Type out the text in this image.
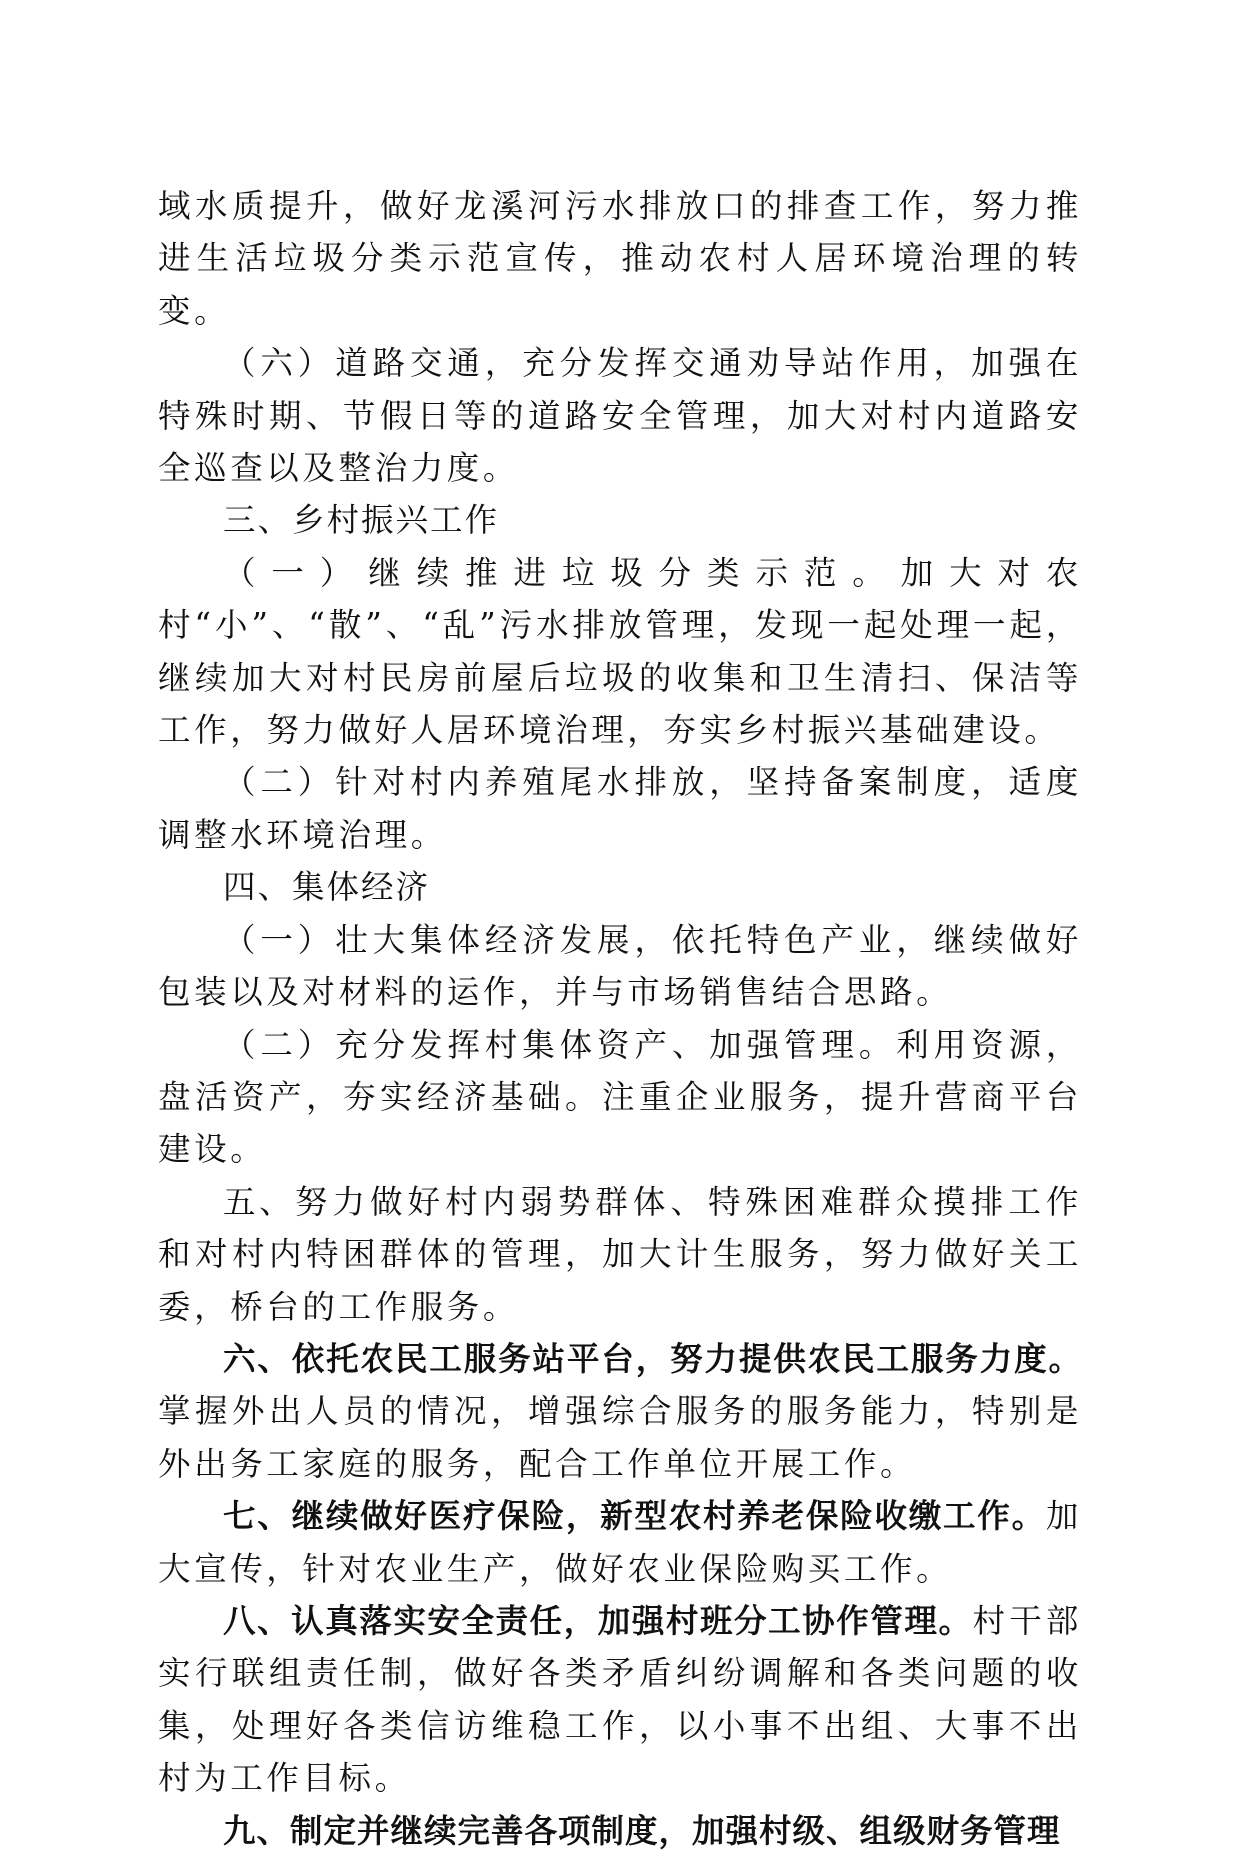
域水质提升，做好龙溪河污水排放口的排查工作，努力推进生活垃圾分类示范宣传，推动农村人居环境治理的转变。

（六）道路交通，充分发挥交通劝导站作用，加强在特殊时期、节假日等的道路安全管理，加大对村内道路安全巡查以及整治力度。

三、乡村振兴工作

（一）继续推进垃圾分类示范。加大对农村“小”、“散”、“乱”污水排放管理，发现一起处理一起，继续加大对村民房前屋后垃圾的收集和卫生清扫、保洁等工作，努力做好人居环境治理，夯实乡村振兴基础建设。

（二）针对村内养殖尾水排放，坚持备案制度，适度调整水环境治理。

四、集体经济

（一）壮大集体经济发展，依托特色产业，继续做好包装以及对材料的运作，并与市场销售结合思路。

（二）充分发挥村集体资产、加强管理。利用资源，盘活资产，夯实经济基础。注重企业服务，提升营商平台建设。

五、努力做好村内弱势群体、特殊困难群众摸排工作和对村内特困群体的管理，加大计生服务，努力做好关工委，桥台的工作服务。

六、依托农民工服务站平台，努力提供农民工服务力度。掌握外出人员的情况，增强综合服务的服务能力，特别是外出务工家庭的服务，配合工作单位开展工作。

七、继续做好医疗保险，新型农村养老保险收缴工作。加大宣传，针对农业生产，做好农业保险购买工作。

八、认真落实安全责任，加强村班分工协作管理。村干部实行联组责任制，做好各类矛盾纠纷调解和各类问题的收集，处理好各类信访维稳工作，以小事不出组、大事不出村为工作目标。

九、制定并继续完善各项制度，加强村级、组级财务管理
